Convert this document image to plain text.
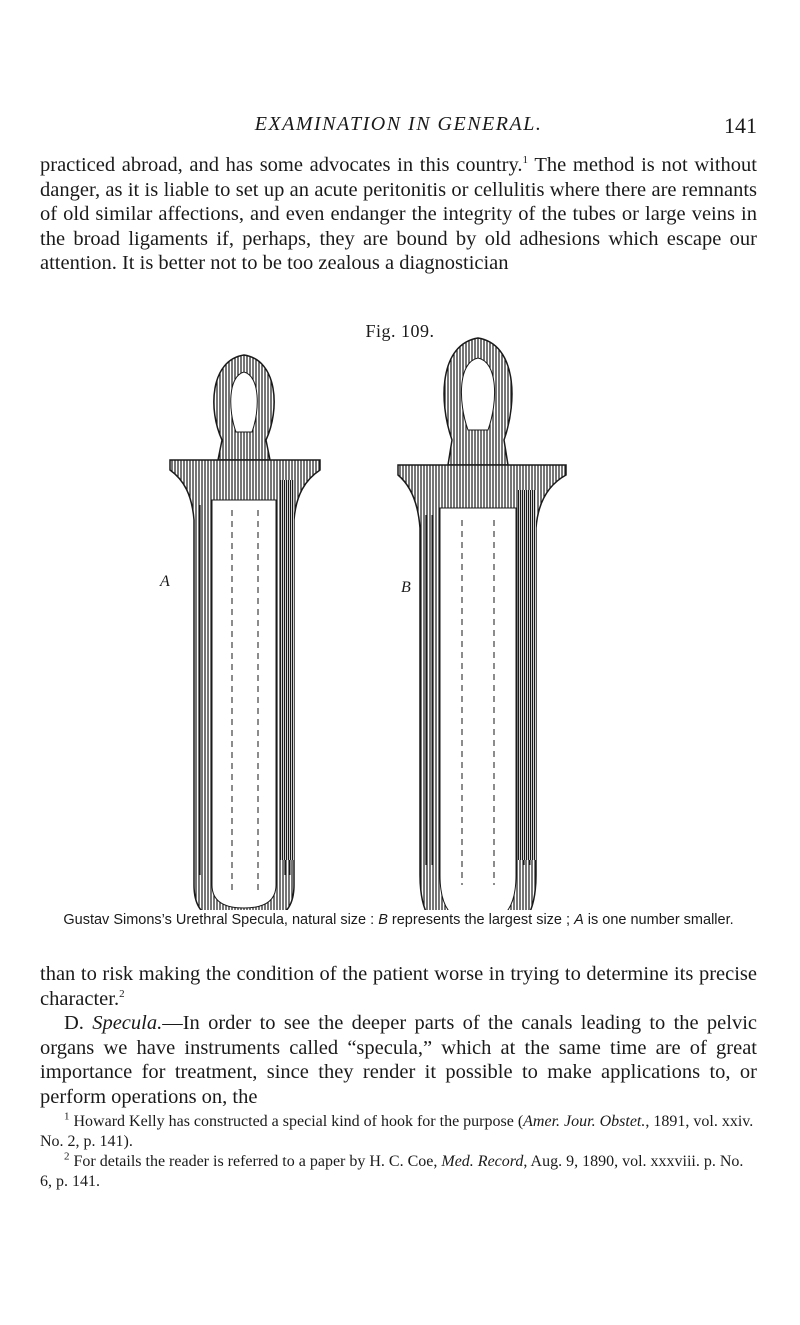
EXAMINATION IN GENERAL.	141

practiced abroad, and has some advocates in this country.$^1$ The method is not without danger, as it is liable to set up an acute peritonitis or cellulitis where there are remnants of old similar affections, and even endanger the integrity of the tubes or large veins in the broad ligaments if, perhaps, they are bound by old adhesions which escape our attention. It is better not to be too zealous a diagnostician

Fig. 109.
A	B
Gustav Simons’s Urethral Specula, natural size : B represents the largest size ; A is one number smaller.

than to risk making the condition of the patient worse in trying to determine its precise character.$^2$
D. Specula.—In order to see the deeper parts of the canals leading to the pelvic organs we have instruments called “specula,” which at the same time are of great importance for treatment, since they render it possible to make applications to, or perform operations on, the

$^1$ Howard Kelly has constructed a special kind of hook for the purpose (Amer. Jour. Obstet., 1891, vol. xxiv. No. 2, p. 141).

$^2$ For details the reader is referred to a paper by H. C. Coe, Med. Record, Aug. 9, 1890, vol. xxxviii. p. No. 6, p. 141.
